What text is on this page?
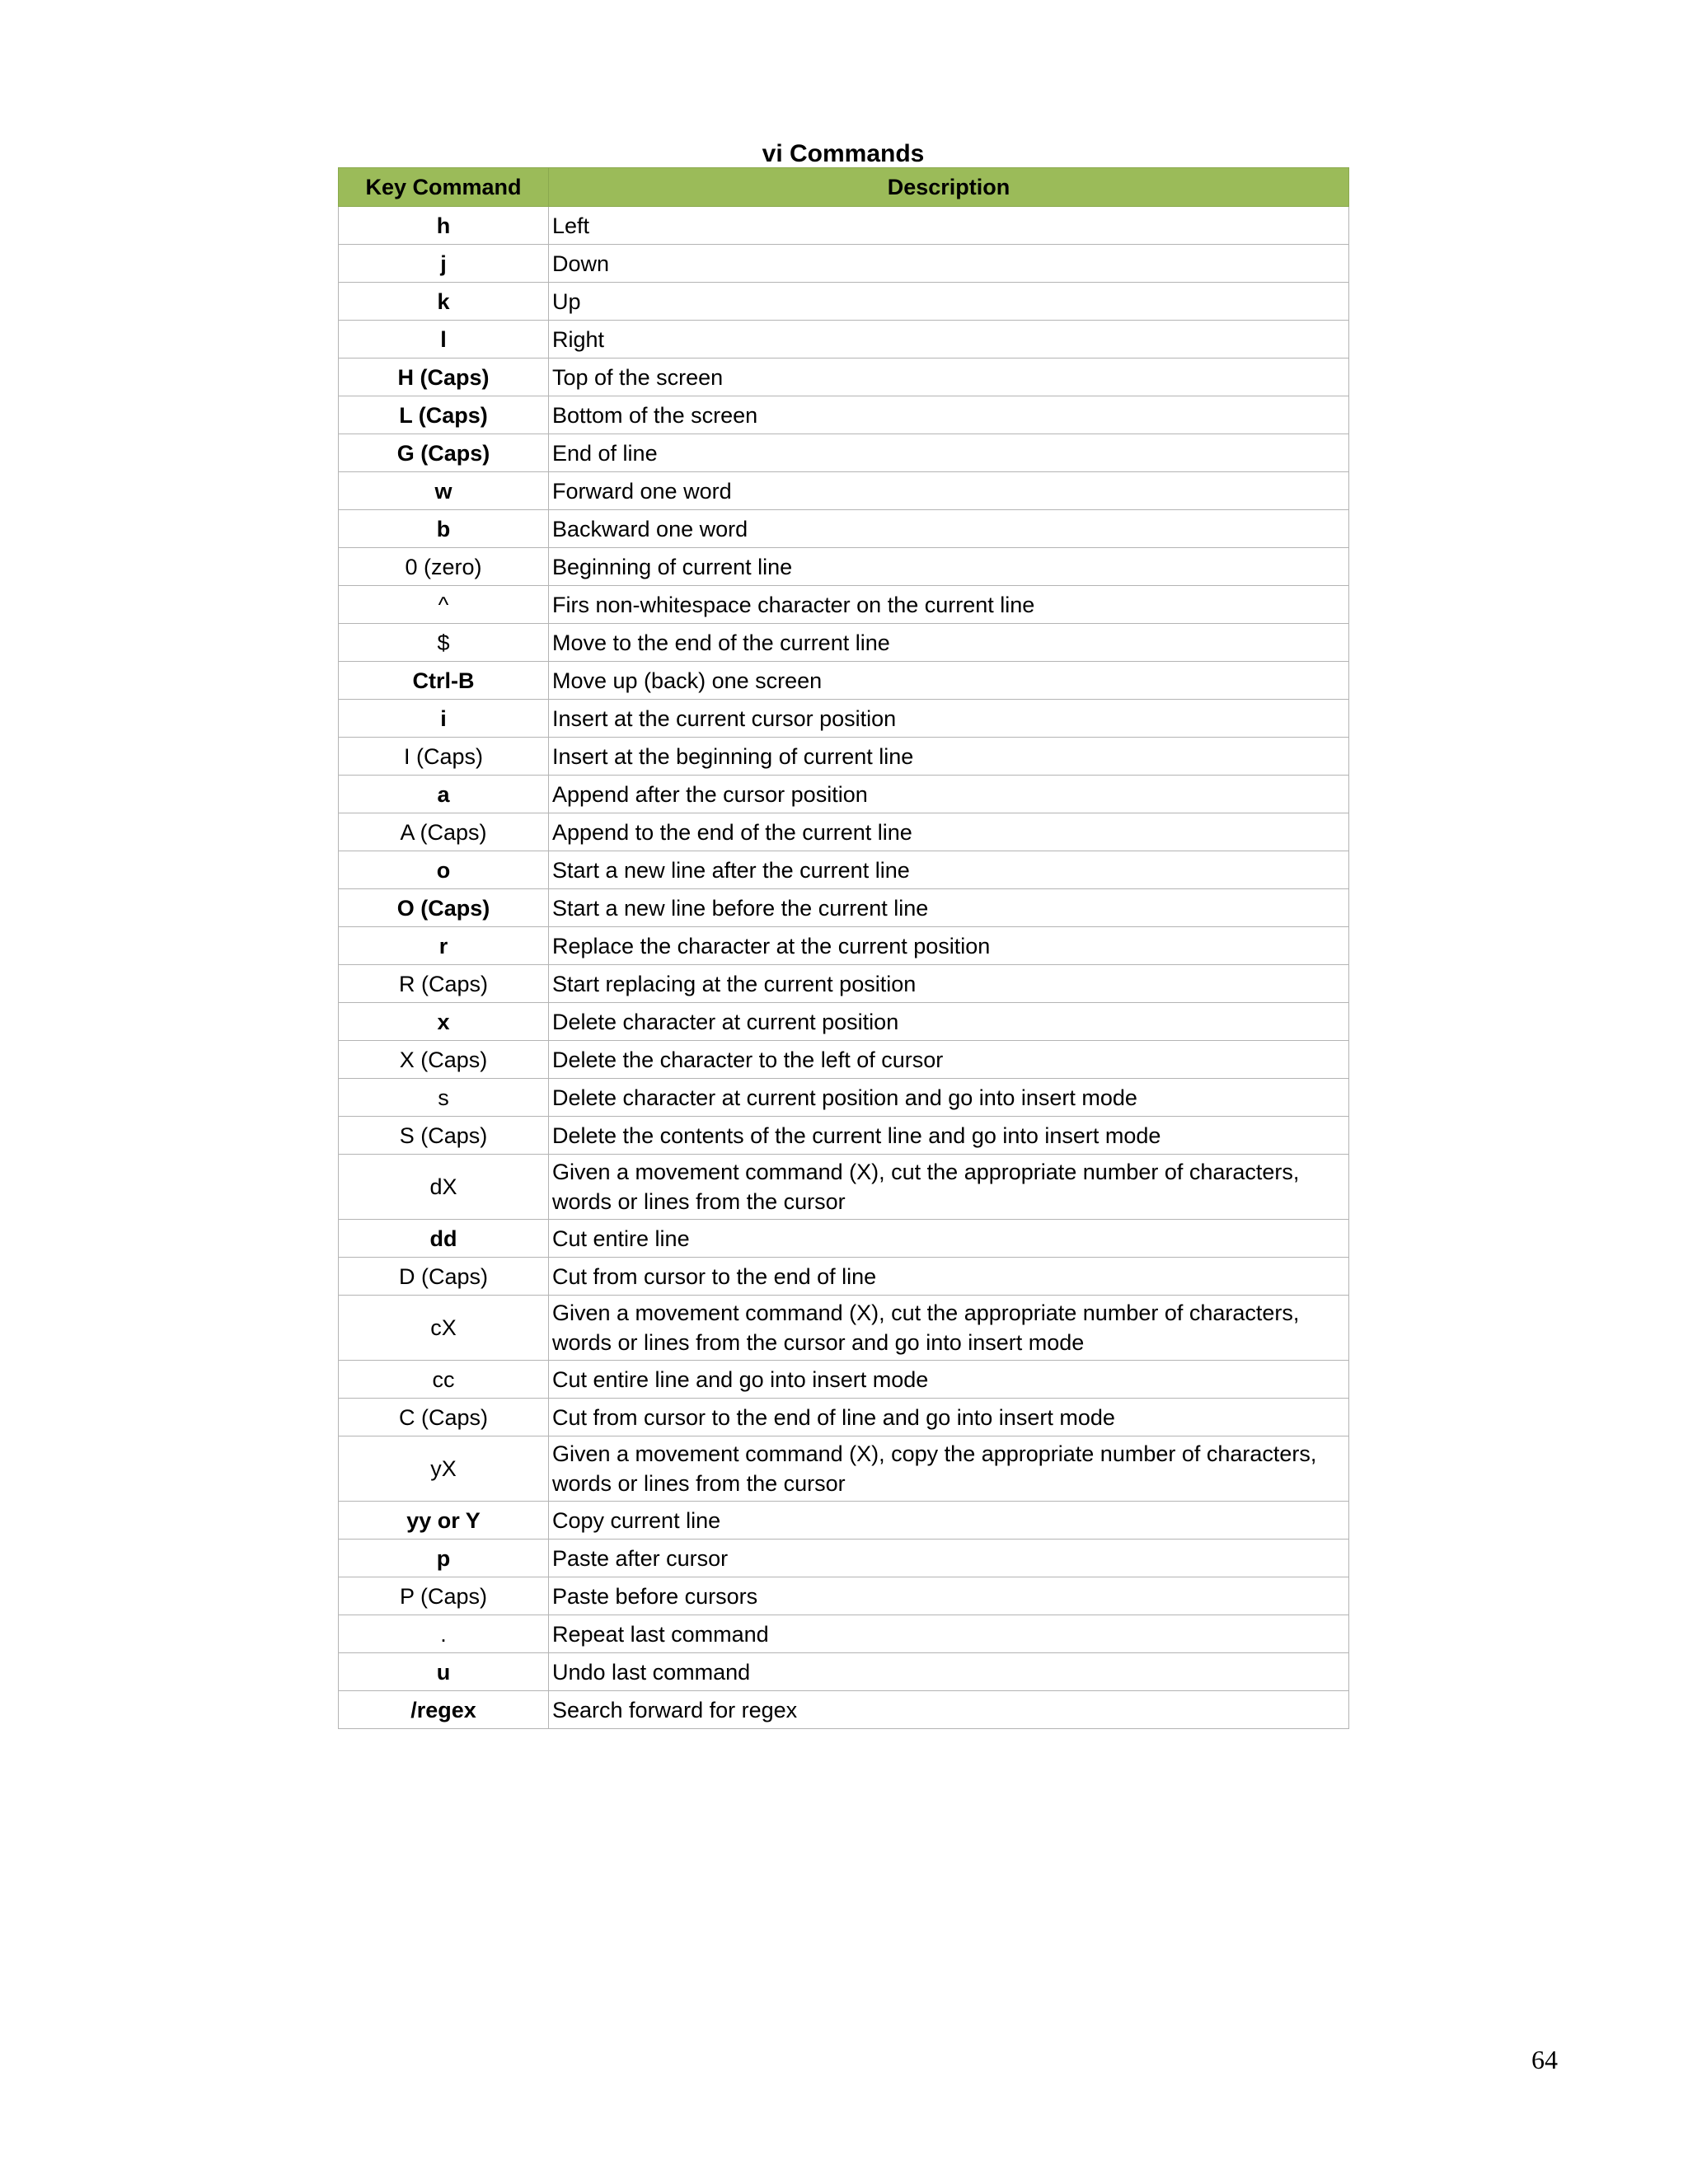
vi Commands
Key Command	Description
h	Left
j	Down
k	Up
l	Right
H (Caps)	Top of the screen
L (Caps)	Bottom of the screen
G (Caps)	End of line
w	Forward one word
b	Backward one word
0 (zero)	Beginning of current line
^	Firs non-whitespace character on the current line
$	Move to the end of the current line
Ctrl-B	Move up (back) one screen
i	Insert at the current cursor position
I (Caps)	Insert at the beginning of current line
a	Append after the cursor position
A (Caps)	Append to the end of the current line
o	Start a new line after the current line
O (Caps)	Start a new line before the current line
r	Replace the character at the current position
R (Caps)	Start replacing at the current position
x	Delete character at current position
X (Caps)	Delete the character to the left of cursor
s	Delete character at current position and go into insert mode
S (Caps)	Delete the contents of the current line and go into insert mode
dX	Given a movement command (X), cut the appropriate number of characters, words or lines from the cursor
dd	Cut entire line
D (Caps)	Cut from cursor to the end of line
cX	Given a movement command (X), cut the appropriate number of characters, words or lines from the cursor and go into insert mode
cc	Cut entire line and go into insert mode
C (Caps)	Cut from cursor to the end of line and go into insert mode
yX	Given a movement command (X), copy the appropriate number of characters, words or lines from the cursor
yy or Y	Copy current line
p	Paste after cursor
P (Caps)	Paste before cursors
.	Repeat last command
u	Undo last command
/regex	Search forward for regex
64
